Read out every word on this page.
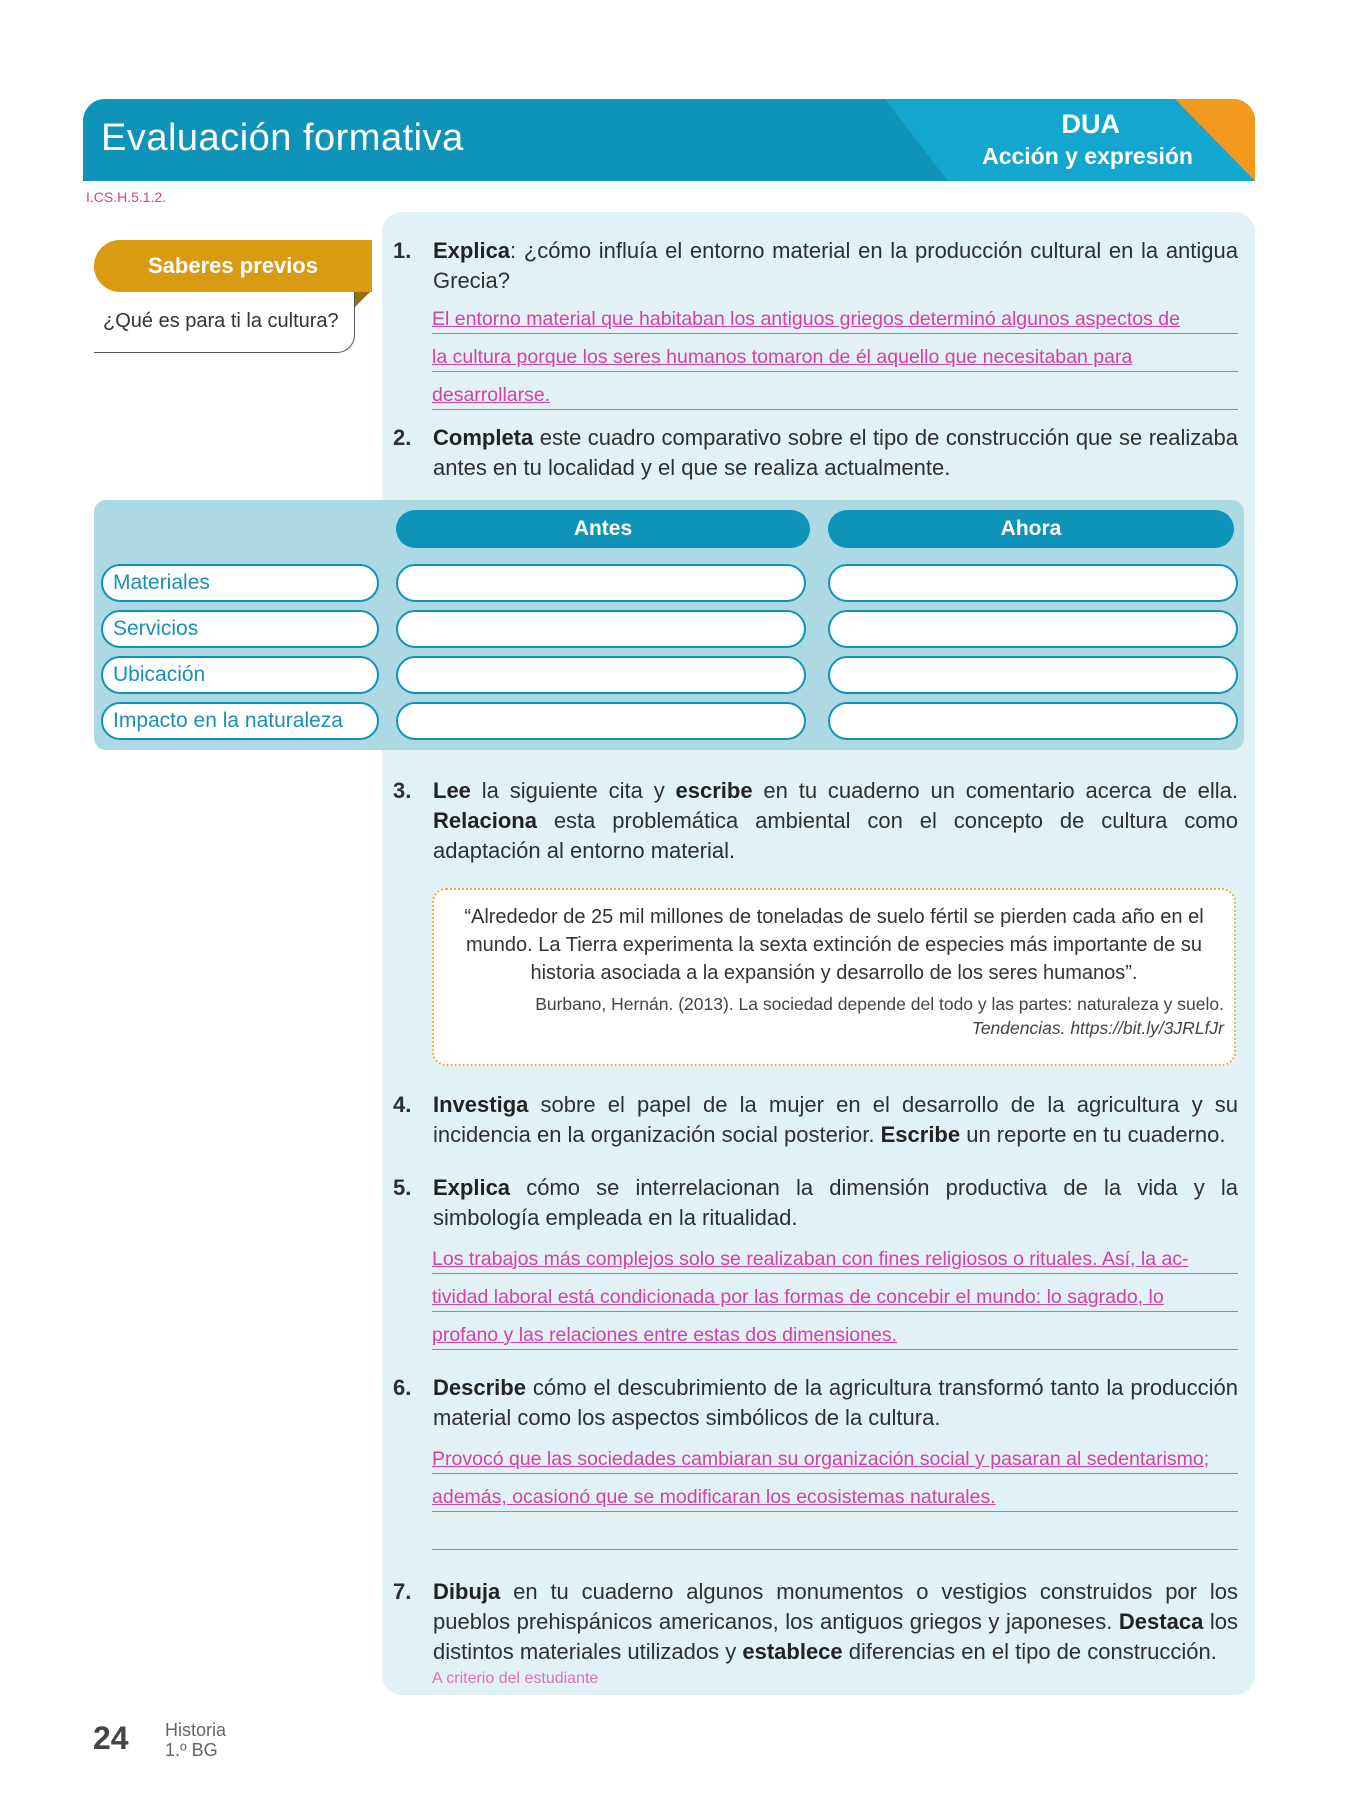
Evaluación formativa	DUA
Acción y expresión
I.CS.H.5.1.2.
Saberes previos
¿Qué es para ti la cultura?
1. Explica: ¿cómo influía el entorno material en la producción cultural en la antigua Grecia?
El entorno material que habitaban los antiguos griegos determinó algunos aspectos de
la cultura porque los seres humanos tomaron de él aquello que necesitaban para
desarrollarse.
2. Completa este cuadro comparativo sobre el tipo de construcción que se realizaba antes en tu localidad y el que se realiza actualmente.
Antes	Ahora
Materiales
Servicios
Ubicación
Impacto en la naturaleza
3. Lee la siguiente cita y escribe en tu cuaderno un comentario acerca de ella. Relaciona esta problemática ambiental con el concepto de cultura como adaptación al entorno material.
“Alrededor de 25 mil millones de toneladas de suelo fértil se pierden cada año en el mundo. La Tierra experimenta la sexta extinción de especies más importante de su historia asociada a la expansión y desarrollo de los seres humanos”.
Burbano, Hernán. (2013). La sociedad depende del todo y las partes: naturaleza y suelo.
Tendencias. https://bit.ly/3JRLfJr
4. Investiga sobre el papel de la mujer en el desarrollo de la agricultura y su incidencia en la organización social posterior. Escribe un reporte en tu cuaderno.
5. Explica cómo se interrelacionan la dimensión productiva de la vida y la simbología empleada en la ritualidad.
Los trabajos más complejos solo se realizaban con fines religiosos o rituales. Así, la ac-
tividad laboral está condicionada por las formas de concebir el mundo: lo sagrado, lo
profano y las relaciones entre estas dos dimensiones.
6. Describe cómo el descubrimiento de la agricultura transformó tanto la producción material como los aspectos simbólicos de la cultura.
Provocó que las sociedades cambiaran su organización social y pasaran al sedentarismo;
además, ocasionó que se modificaran los ecosistemas naturales.
7. Dibuja en tu cuaderno algunos monumentos o vestigios construidos por los pueblos prehispánicos americanos, los antiguos griegos y japoneses. Destaca los distintos materiales utilizados y establece diferencias en el tipo de construcción.
A criterio del estudiante
24 Historia
1.º BG
